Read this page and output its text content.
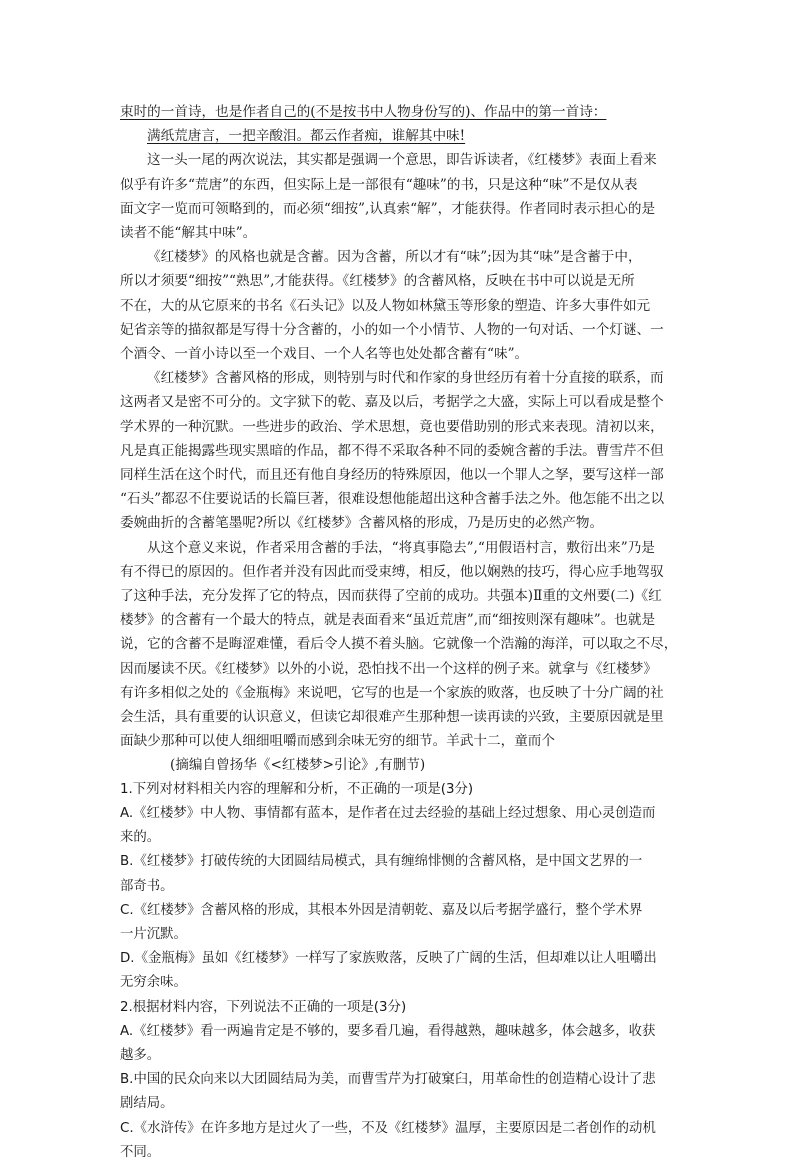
束时的一首诗，也是作者自己的(不是按书中人物身份写的)、作品中的第一首诗：

满纸荒唐言，一把辛酸泪。都云作者痴，谁解其中味!

这一头一尾的两次说法，其实都是强调一个意思，即告诉读者，《红楼梦》表面上看来

似乎有许多“荒唐”的东西，但实际上是一部很有“趣味”的书，只是这种“味”不是仅从表

面文字一览而可领略到的，而必须“细按”,认真索“解”，才能获得。作者同时表示担心的是

读者不能“解其中味”。

《红楼梦》的风格也就是含蓄。因为含蓄，所以才有“味”;因为其“味”是含蓄于中，

所以才须要“细按”“熟思”,才能获得。《红楼梦》的含蓄风格，反映在书中可以说是无所

不在，大的从它原来的书名《石头记》以及人物如林黛玉等形象的塑造、许多大事件如元

妃省亲等的描叙都是写得十分含蓄的，小的如一个小情节、人物的一句对话、一个灯谜、一

个酒令、一首小诗以至一个戏目、一个人名等也处处都含蓄有“味”。

《红楼梦》含蓄风格的形成，则特别与时代和作家的身世经历有着十分直接的联系，而

这两者又是密不可分的。文字狱下的乾、嘉及以后，考据学之大盛，实际上可以看成是整个

学术界的一种沉默。一些进步的政治、学术思想，竟也要借助别的形式来表现。清初以来，

凡是真正能揭露些现实黑暗的作品，都不得不采取各种不同的委婉含蓄的手法。曹雪芹不但

同样生活在这个时代，而且还有他自身经历的特殊原因，他以一个罪人之孥，要写这样一部

“石头”都忍不住要说话的长篇巨著，很难设想他能超出这种含蓄手法之外。他怎能不出之以

委婉曲折的含蓄笔墨呢?所以《红楼梦》含蓄风格的形成，乃是历史的必然产物。

从这个意义来说，作者采用含蓄的手法，“将真事隐去”,“用假语村言，敷衍出来”乃是

有不得已的原因的。但作者并没有因此而受束缚，相反，他以娴熟的技巧，得心应手地驾驭

了这种手法，充分发挥了它的特点，因而获得了空前的成功。共强本)Ⅱ重的文州要(二)《红

楼梦》的含蓄有一个最大的特点，就是表面看来“虽近荒唐”,而“细按则深有趣味”。也就是

说，它的含蓄不是晦涩难懂，看后令人摸不着头脑。它就像一个浩瀚的海洋，可以取之不尽，

因而屡读不厌。《红楼梦》以外的小说，恐怕找不出一个这样的例子来。就拿与《红楼梦》

有许多相似之处的《金瓶梅》来说吧，它写的也是一个家族的败落，也反映了十分广阔的社

会生活，具有重要的认识意义，但读它却很难产生那种想一读再读的兴致，主要原因就是里

面缺少那种可以使人细细咀嚼而感到余味无穷的细节。羊武十二，童而个

(摘编自曾扬华《<红楼梦>引论》,有删节)

1.下列对材料相关内容的理解和分析，不正确的一项是(3分)

A.《红楼梦》中人物、事情都有蓝本，是作者在过去经验的基础上经过想象、用心灵创造而

来的。

B.《红楼梦》打破传统的大团圆结局模式，具有缠绵悱恻的含蓄风格，是中国文艺界的一

部奇书。

C.《红楼梦》含蓄风格的形成，其根本外因是清朝乾、嘉及以后考据学盛行，整个学术界

一片沉默。

D.《金瓶梅》虽如《红楼梦》一样写了家族败落，反映了广阔的生活，但却难以让人咀嚼出

无穷余味。

2.根据材料内容，下列说法不正确的一项是(3分)

A.《红楼梦》看一两遍肯定是不够的，要多看几遍，看得越熟，趣味越多，体会越多，收获

越多。

B.中国的民众向来以大团圆结局为美，而曹雪芹为打破窠臼，用革命性的创造精心设计了悲

剧结局。

C.《水浒传》在许多地方是过火了一些，不及《红楼梦》温厚，主要原因是二者创作的动机

不同。
